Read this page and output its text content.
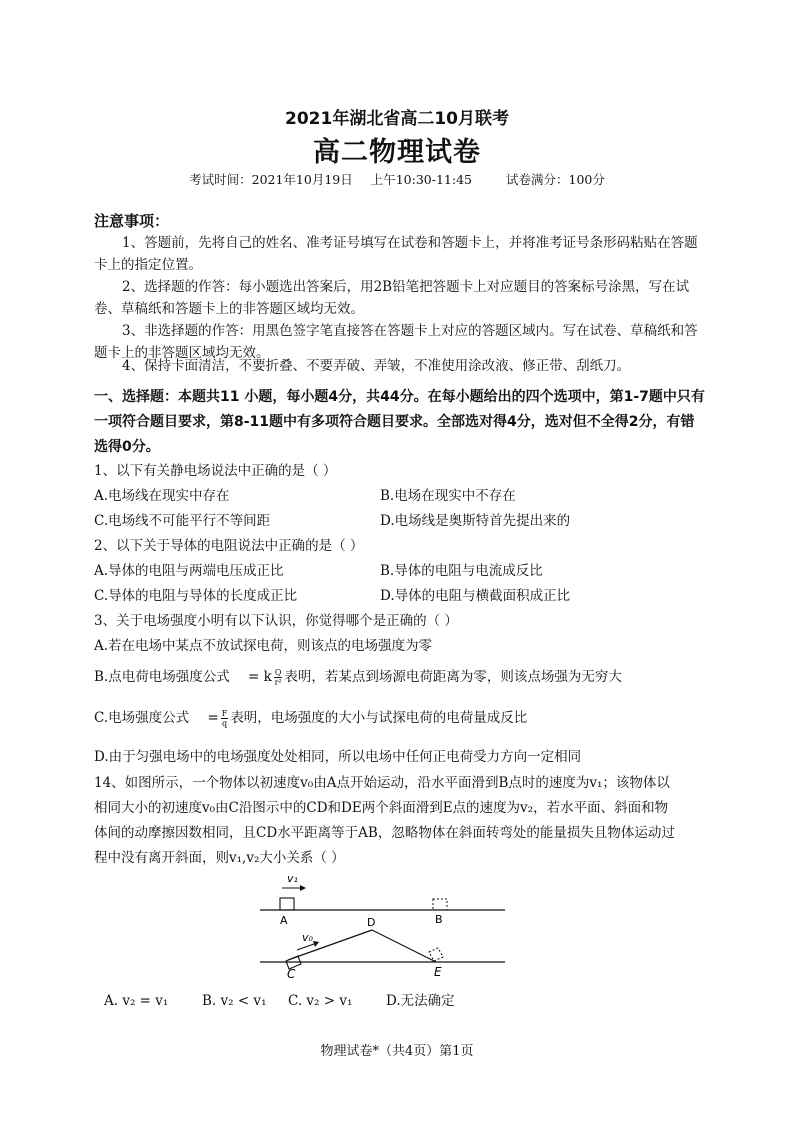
2021年湖北省高二10月联考
高二物理试卷
考试时间：2021年10月19日 上午10:30-11:45	试卷满分：100分
注意事项：
1、答题前，先将自己的姓名、准考证号填写在试卷和答题卡上，并将准考证号条形码粘贴在答题卡上的指定位置。
2、选择题的作答：每小题选出答案后，用2B铅笔把答题卡上对应题目的答案标号涂黑，写在试卷、草稿纸和答题卡上的非答题区域均无效。
3、非选择题的作答：用黑色签字笔直接答在答题卡上对应的答题区域内。写在试卷、草稿纸和答题卡上的非答题区域均无效。
4、保持卡面清洁，不要折叠、不要弄破、弄皱，不准使用涂改液、修正带、刮纸刀。
一、选择题：本题共11 小题，每小题4分，共44分。在每小题给出的四个选项中，第1-7题中只有一项符合题目要求，第8-11题中有多项符合题目要求。全部选对得4分，选对但不全得2分，有错选得0分。
1、以下有关静电场说法中正确的是（ ）
A.电场线在现实中存在	B.电场在现实中不存在
C.电场线不可能平行不等间距	D.电场线是奥斯特首先提出来的
2、以下关于导体的电阻说法中正确的是（ ）
A.导体的电阻与两端电压成正比	B.导体的电阻与电流成反比
C.导体的电阻与导体的长度成正比	D.导体的电阻与横截面积成正比
3、关于电场强度小明有以下认识，你觉得哪个是正确的（ ）
A.若在电场中某点不放试探电荷，则该点的电场强度为零
B.点电荷电场强度公式 = k $\frac{Q}{\text{r²}}$ 表明，若某点到场源电荷距离为零，则该点场强为无穷大
C.电场强度公式 = $\frac{F}{q}$ 表明，电场强度的大小与试探电荷的电荷量成反比
D.由于匀强电场中的电场强度处处相同，所以电场中任何正电荷受力方向一定相同
14、如图所示，一个物体以初速度v₀由A点开始运动，沿水平面滑到B点时的速度为v₁；该物体以
相同大小的初速度v₀由C沿图示中的CD和DE两个斜面滑到E点的速度为v₂，若水平面、斜面和物
体间的动摩擦因数相同，且CD水平距离等于AB，忽略物体在斜面转弯处的能量损失且物体运动过
程中没有离开斜面，则v₁,v₂大小关系（ ）
v₁
A	B
v₀
D
C	E
A. v₂ = v₁ B. v₂ < v₁ C. v₂ > v₁ D.无法确定
物理试卷*（共4页）第1页
